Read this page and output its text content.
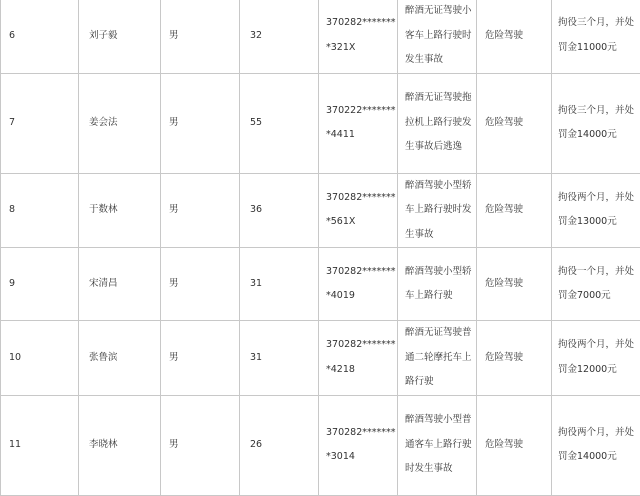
6	刘子毅	男	32	370282********321X	醉酒无证驾驶小客车上路行驶时发生事故	危险驾驶	拘役三个月，并处罚金11000元
7	姜会法	男	55	370222********4411	醉酒无证驾驶拖拉机上路行驶发生事故后逃逸	危险驾驶	拘役三个月，并处罚金14000元
8	于数林	男	36	370282********561X	醉酒驾驶小型轿车上路行驶时发生事故	危险驾驶	拘役两个月，并处罚金13000元
9	宋清昌	男	31	370282********4019	醉酒驾驶小型轿车上路行驶	危险驾驶	拘役一个月，并处罚金7000元
10	张鲁滨	男	31	370282********4218	醉酒无证驾驶普通二轮摩托车上路行驶	危险驾驶	拘役两个月，并处罚金12000元
11	李晓林	男	26	370282********3014	醉酒驾驶小型普通客车上路行驶时发生事故	危险驾驶	拘役两个月，并处罚金14000元
